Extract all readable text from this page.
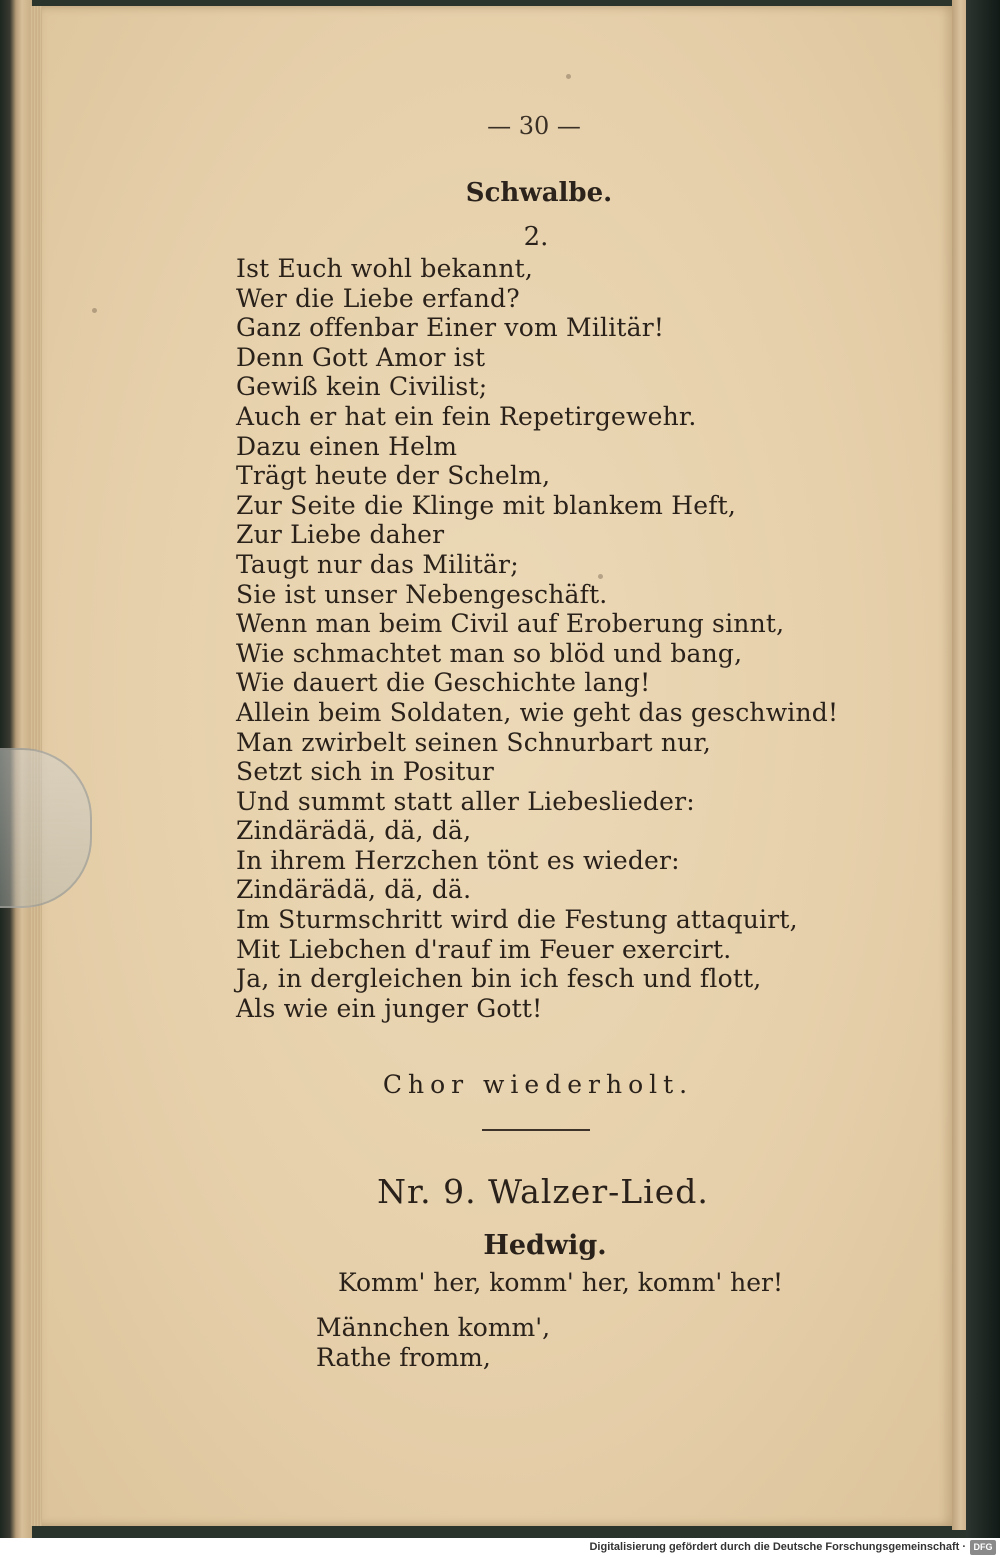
— 30 —
Schwalbe.
2.
Ist Euch wohl bekannt,
Wer die Liebe erfand?
Ganz offenbar Einer vom Militär!
Denn Gott Amor ist
Gewiß kein Civilist;
Auch er hat ein fein Repetirgewehr.
Dazu einen Helm
Trägt heute der Schelm,
Zur Seite die Klinge mit blankem Heft,
Zur Liebe daher
Taugt nur das Militär;
Sie ist unser Nebengeschäft.
Wenn man beim Civil auf Eroberung sinnt,
Wie schmachtet man so blöd und bang,
Wie dauert die Geschichte lang!
Allein beim Soldaten, wie geht das geschwind!
Man zwirbelt seinen Schnurbart nur,
Setzt sich in Positur
Und summt statt aller Liebeslieder:
Zindärädä, dä, dä,
In ihrem Herzchen tönt es wieder:
Zindärädä, dä, dä.
Im Sturmschritt wird die Festung attaquirt,
Mit Liebchen d'rauf im Feuer exercirt.
Ja, in dergleichen bin ich fesch und flott,
Als wie ein junger Gott!
Chor wiederholt.
Nr. 9. Walzer-Lied.
Hedwig.
Komm' her, komm' her, komm' her!
Männchen komm',
Rathe fromm,
Digitalisierung gefördert durch die Deutsche Forschungsgemeinschaft · DFG
